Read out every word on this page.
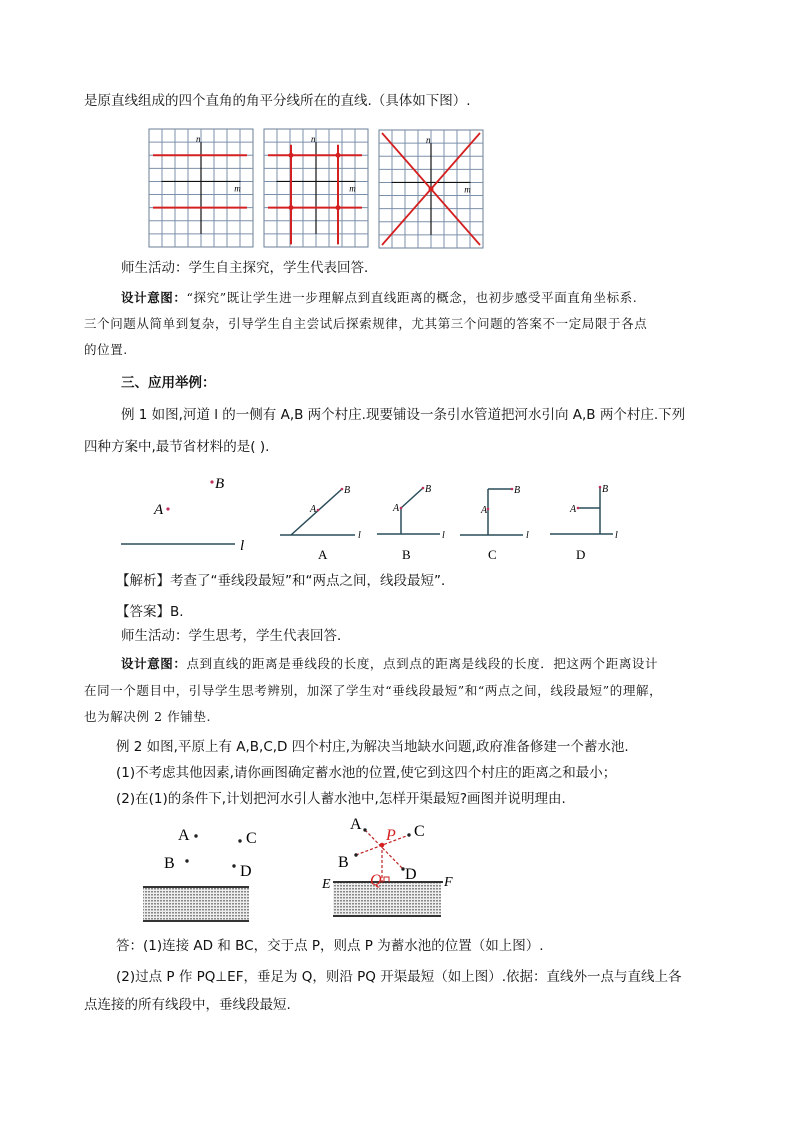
是原直线组成的四个直角的角平分线所在的直线.（具体如下图）.
n
m
n
m
n
m
师生活动：学生自主探究，学生代表回答．
设计意图：“探究”既让学生进一步理解点到直线距离的概念，也初步感受平面直角坐标系.
三个问题从简单到复杂，引导学生自主尝试后探索规律，尤其第三个问题的答案不一定局限于各点
的位置.
三、应用举例：
例 1 如图,河道 l 的一侧有 A,B 两个村庄.现要铺设一条引水管道把河水引向 A,B 两个村庄.下列
四种方案中,最节省材料的是( ).
A
B
l
A
B
l
A
B
l
A
B
l
A
B
l
A	B	C	D
【解析】考查了“垂线段最短”和“两点之间，线段最短”．
【答案】B.
师生活动：学生思考，学生代表回答．
设计意图：点到直线的距离是垂线段的长度，点到点的距离是线段的长度．把这两个距离设计
在同一个题目中，引导学生思考辨别，加深了学生对“垂线段最短”和“两点之间，线段最短”的理解，
也为解决例 2 作铺垫.
例 2 如图,平原上有 A,B,C,D 四个村庄,为解决当地缺水问题,政府准备修建一个蓄水池.
(1)不考虑其他因素,请你画图确定蓄水池的位置,使它到这四个村庄的距离之和最小；
(2)在(1)的条件下,计划把河水引人蓄水池中,怎样开渠最短?画图并说明理由.
A
B
C
D
A
B
C
D
P
Q
E	F
答：(1)连接 AD 和 BC，交于点 P，则点 P 为蓄水池的位置（如上图）.
(2)过点 P 作 PQ⊥EF，垂足为 Q，则沿 PQ 开渠最短（如上图）.依据：直线外一点与直线上各
点连接的所有线段中，垂线段最短.
